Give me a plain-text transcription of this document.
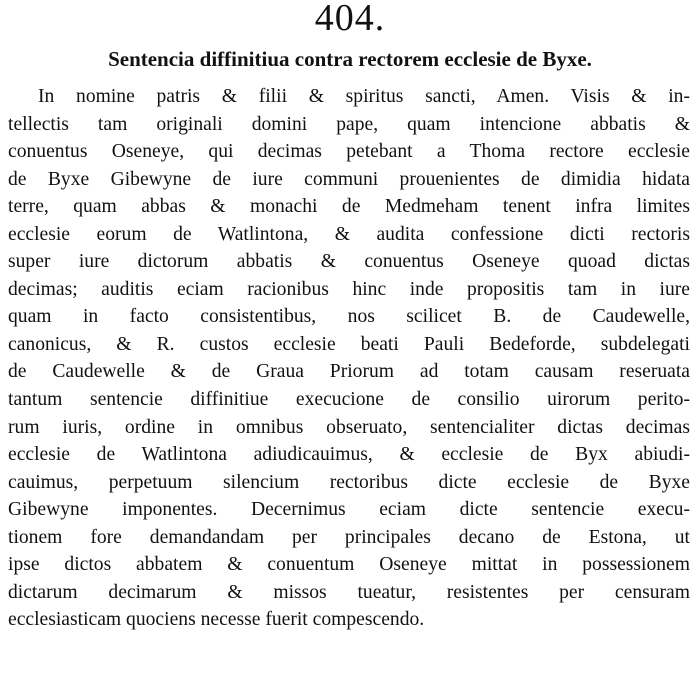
404.
Sentencia diffinitiua contra rectorem ecclesie de Byxe.
In nomine patris & filii & spiritus sancti, Amen. Visis & in-
tellectis tam originali domini pape, quam intencione abbatis &
conuentus Oseneye, qui decimas petebant a Thoma rectore ecclesie
de Byxe Gibewyne de iure communi prouenientes de dimidia hidata
terre, quam abbas & monachi de Medmeham tenent infra limites
ecclesie eorum de Watlintona, & audita confessione dicti rectoris
super iure dictorum abbatis & conuentus Oseneye quoad dictas
decimas; auditis eciam racionibus hinc inde propositis tam in iure
quam in facto consistentibus, nos scilicet B. de Caudewelle,
canonicus, & R. custos ecclesie beati Pauli Bedeforde, subdelegati
de Caudewelle & de Graua Priorum ad totam causam reseruata
tantum sentencie diffinitiue execucione de consilio uirorum perito-
rum iuris, ordine in omnibus obseruato, sentencialiter dictas decimas
ecclesie de Watlintona adiudicauimus, & ecclesie de Byx abiudi-
cauimus, perpetuum silencium rectoribus dicte ecclesie de Byxe
Gibewyne imponentes. Decernimus eciam dicte sentencie execu-
tionem fore demandandam per principales decano de Estona, ut
ipse dictos abbatem & conuentum Oseneye mittat in possessionem
dictarum decimarum & missos tueatur, resistentes per censuram
ecclesiasticam quociens necesse fuerit compescendo.
